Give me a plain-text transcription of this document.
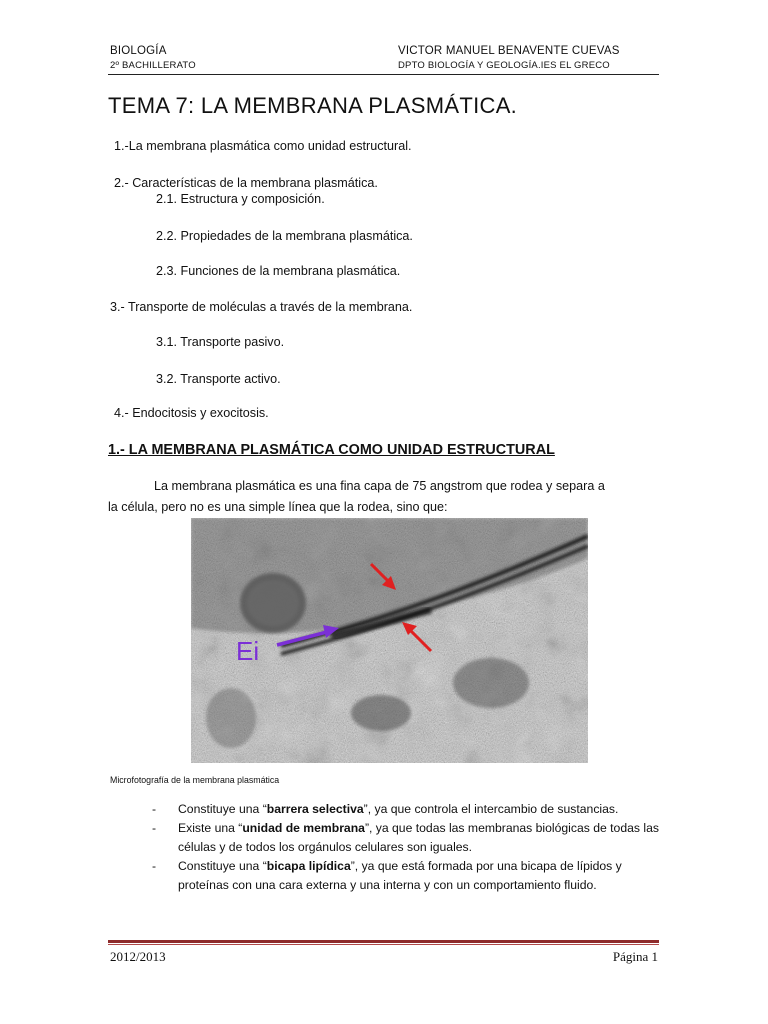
BIOLOGÍA
2º BACHILLERATO
VICTOR MANUEL BENAVENTE CUEVAS
DPTO BIOLOGÍA Y GEOLOGÍA.IES EL GRECO
TEMA 7: LA MEMBRANA PLASMÁTICA.
1.-La membrana plasmática como unidad estructural.
2.- Características de la membrana plasmática.
2.1. Estructura y composición.
2.2. Propiedades de la membrana plasmática.
2.3. Funciones de la membrana plasmática.
3.- Transporte de moléculas a través de la membrana.
3.1. Transporte pasivo.
3.2. Transporte activo.
4.- Endocitosis y exocitosis.
1.- LA MEMBRANA PLASMÁTICA COMO UNIDAD ESTRUCTURAL
La membrana plasmática es una fina capa de 75 angstrom que rodea y separa a la célula, pero no es una simple línea que la rodea, sino que:
Ei
Microfotografía de la membrana plasmática
- Constituye una “barrera selectiva”, ya que controla el intercambio de sustancias.
- Existe una “unidad de membrana”, ya que todas las membranas biológicas de todas las células y de todos los orgánulos celulares son iguales.
- Constituye una “bicapa lipídica”, ya que está formada por una bicapa de lípidos y proteínas con una cara externa y una interna y con un comportamiento fluido.
2012/2013	Página 1
